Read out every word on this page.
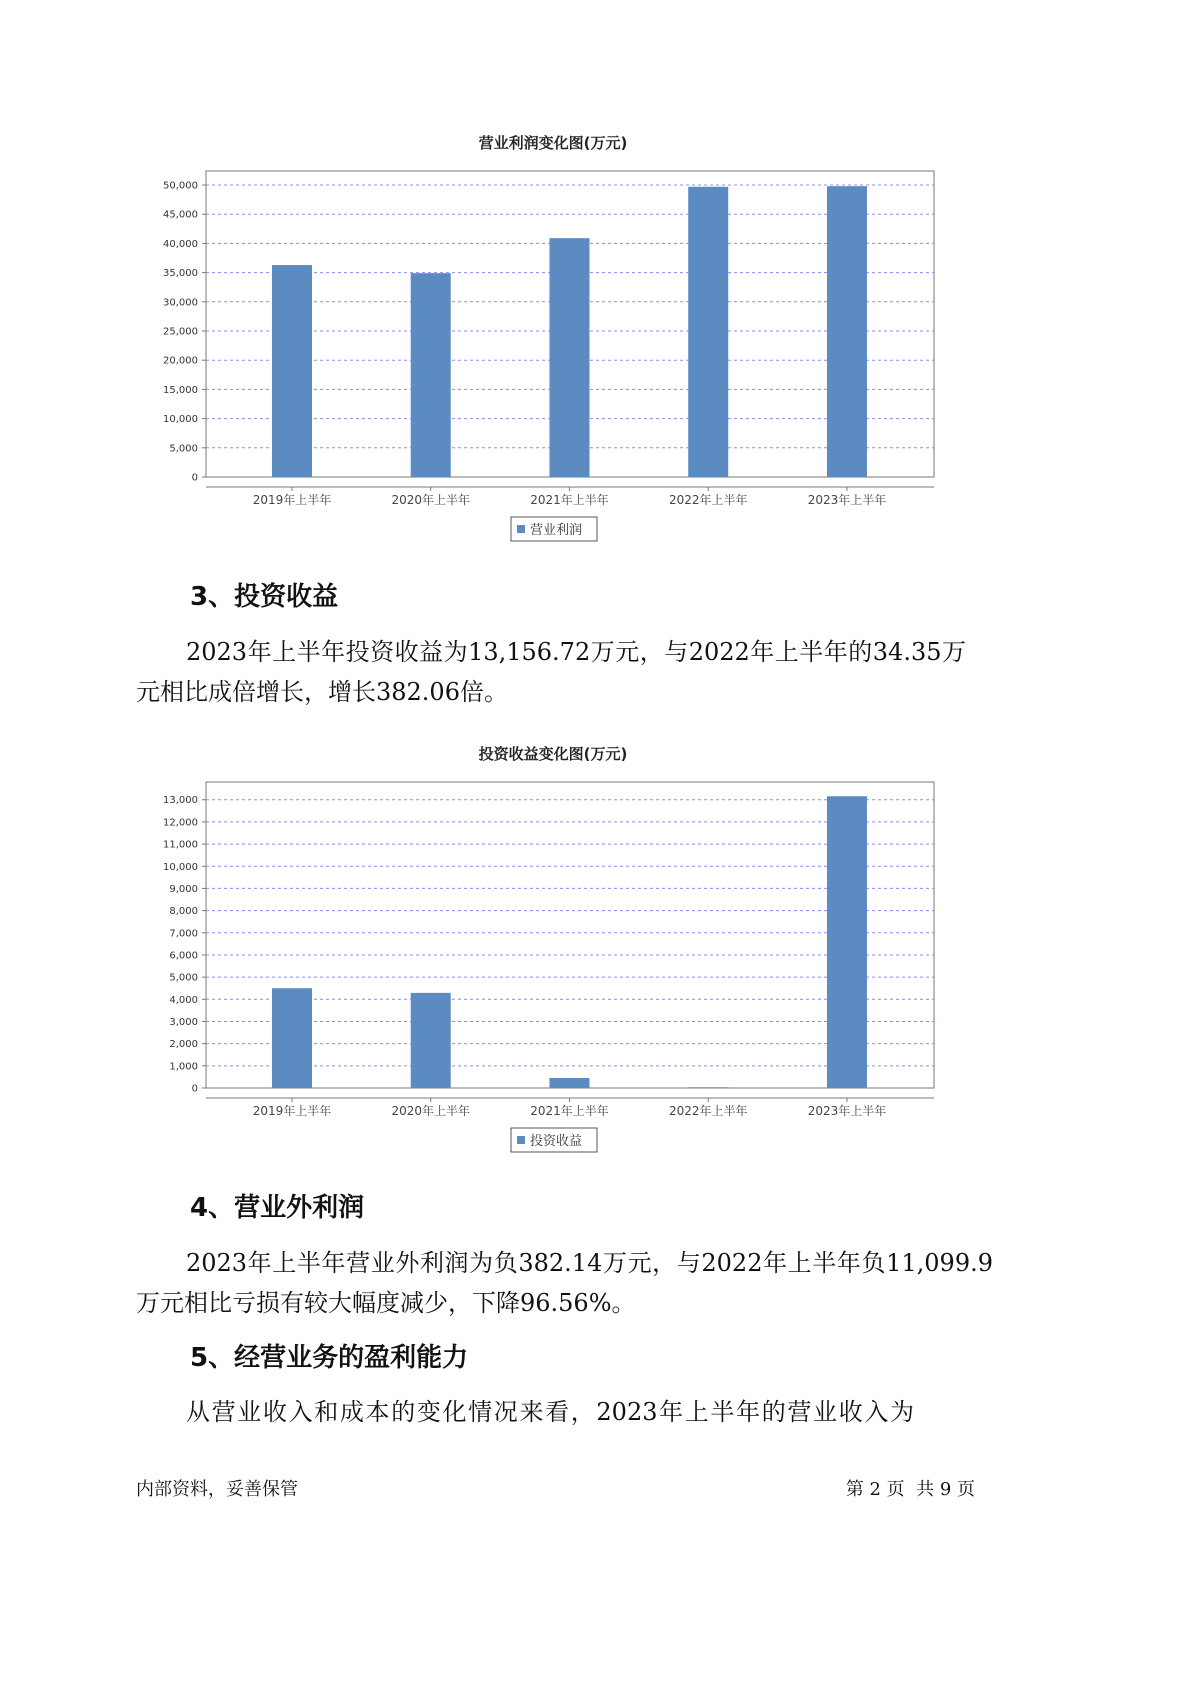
营业利润变化图(万元)
0
5,000
10,000
15,000
20,000
25,000
30,000
35,000
40,000
45,000
50,000
2019年上半年	2020年上半年	2021年上半年	2022年上半年	2023年上半年
营业利润
3、投资收益
2023年上半年投资收益为13,156.72万元，与2022年上半年的34.35万
元相比成倍增长，增长382.06倍。
投资收益变化图(万元)
0
1,000
2,000
3,000
4,000
5,000
6,000
7,000
8,000
9,000
10,000
11,000
12,000
13,000
2019年上半年	2020年上半年	2021年上半年	2022年上半年	2023年上半年
投资收益
4、营业外利润
2023年上半年营业外利润为负382.14万元，与2022年上半年负11,099.9
万元相比亏损有较大幅度减少，下降96.56%。
5、经营业务的盈利能力
从营业收入和成本的变化情况来看，2023年上半年的营业收入为
内部资料，妥善保管	第 2 页  共 9 页
